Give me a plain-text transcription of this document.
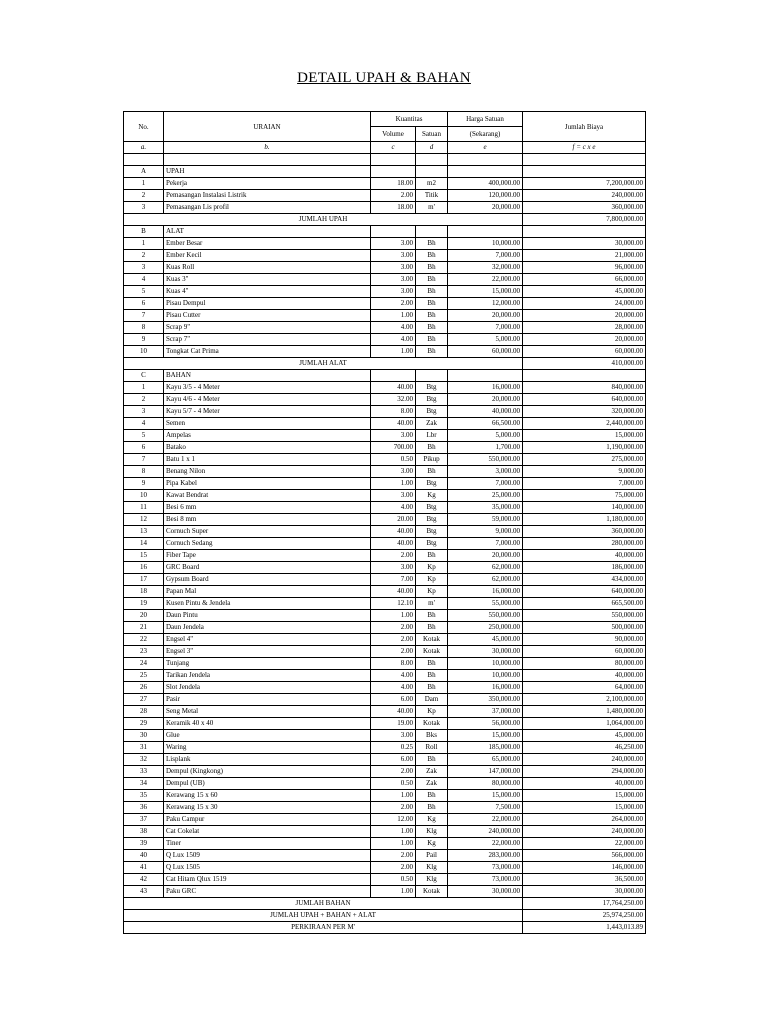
DETAIL UPAH & BAHAN
No.	URAIAN	Kuantitas		Harga Satuan	Jumlah Biaya
		Volume	Satuan	(Sekarang)	
a.	b.	c	d	e	f = c x e

A	UPAH				
1	Pekerja	18.00	m2	400,000.00	7,200,000.00
2	Pemasangan Instalasi Listrik	2.00	Titik	120,000.00	240,000.00
3	Pemasangan Lis profil	18.00	m'	20,000.00	360,000.00
JUMLAH UPAH					7,800,000.00
B	ALAT				
1	Ember Besar	3.00	Bh	10,000.00	30,000.00
2	Ember Kecil	3.00	Bh	7,000.00	21,000.00
3	Kuas Roll	3.00	Bh	32,000.00	96,000.00
4	Kuas 3"	3.00	Bh	22,000.00	66,000.00
5	Kuas 4"	3.00	Bh	15,000.00	45,000.00
6	Pisau Dempul	2.00	Bh	12,000.00	24,000.00
7	Pisau Cutter	1.00	Bh	20,000.00	20,000.00
8	Scrap 9"	4.00	Bh	7,000.00	28,000.00
9	Scrap 7"	4.00	Bh	5,000.00	20,000.00
10	Tongkat Cat Prima	1.00	Bh	60,000.00	60,000.00
JUMLAH ALAT					410,000.00
C	BAHAN				
1	Kayu 3/5 - 4 Meter	40.00	Btg	16,000.00	840,000.00
2	Kayu 4/6 - 4 Meter	32.00	Btg	20,000.00	640,000.00
3	Kayu 5/7 - 4 Meter	8.00	Btg	40,000.00	320,000.00
4	Semen	40.00	Zak	66,500.00	2,440,000.00
5	Ampelas	3.00	Lbr	5,000.00	15,000.00
6	Batako	700.00	Bh	1,700.00	1,190,000.00
7	Batu 1 x 1	0.50	Pikup	550,000.00	275,000.00
8	Benang Nilon	3.00	Bh	3,000.00	9,000.00
9	Pipa Kabel	1.00	Btg	7,000.00	7,000.00
10	Kawat Bendrat	3.00	Kg	25,000.00	75,000.00
11	Besi 6 mm	4.00	Btg	35,000.00	140,000.00
12	Besi 8 mm	20.00	Btg	59,000.00	1,180,000.00
13	Cornuch Super	40.00	Btg	9,000.00	360,000.00
14	Cornuch Sedang	40.00	Btg	7,000.00	280,000.00
15	Fiber Tape	2.00	Bh	20,000.00	40,000.00
16	GRC Board	3.00	Kp	62,000.00	186,000.00
17	Gypsum Board	7.00	Kp	62,000.00	434,000.00
18	Papan Mal	40.00	Kp	16,000.00	640,000.00
19	Kusen Pintu & Jendela	12.10	m'	55,000.00	665,500.00
20	Daun Pintu	1.00	Bh	550,000.00	550,000.00
21	Daun Jendela	2.00	Bh	250,000.00	500,000.00
22	Engsel 4"	2.00	Kotak	45,000.00	90,000.00
23	Engsel 3"	2.00	Kotak	30,000.00	60,000.00
24	Tunjang	8.00	Bh	10,000.00	80,000.00
25	Tarikan Jendela	4.00	Bh	10,000.00	40,000.00
26	Slot Jendela	4.00	Bh	16,000.00	64,000.00
27	Pasir	6.00	Dam	350,000.00	2,100,000.00
28	Seng Metal	40.00	Kp	37,000.00	1,480,000.00
29	Keramik 40 x 40	19.00	Kotak	56,000.00	1,064,000.00
30	Glue	3.00	Bks	15,000.00	45,000.00
31	Waring	0.25	Roll	185,000.00	46,250.00
32	Lisplank	6.00	Bh	65,000.00	240,000.00
33	Dempul (Kingkong)	2.00	Zak	147,000.00	294,000.00
34	Dempul (UB)	0.50	Zak	80,000.00	40,000.00
35	Kerawang 15 x 60	1.00	Bh	15,000.00	15,000.00
36	Kerawang 15 x 30	2.00	Bh	7,500.00	15,000.00
37	Paku Campur	12.00	Kg	22,000.00	264,000.00
38	Cat Cokelat	1.00	Klg	240,000.00	240,000.00
39	Tiner	1.00	Kg	22,000.00	22,000.00
40	Q Lux 1509	2.00	Pail	283,000.00	566,000.00
41	Q Lux 1505	2.00	Klg	73,000.00	146,000.00
42	Cat Hitam Qlux 1519	0.50	Klg	73,000.00	36,500.00
43	Paku GRC	1.00	Kotak	30,000.00	30,000.00
JUMLAH BAHAN					17,764,250.00
JUMLAH UPAH + BAHAN + ALAT					25,974,250.00
PERKIRAAN PER M'					1,443,013.89
